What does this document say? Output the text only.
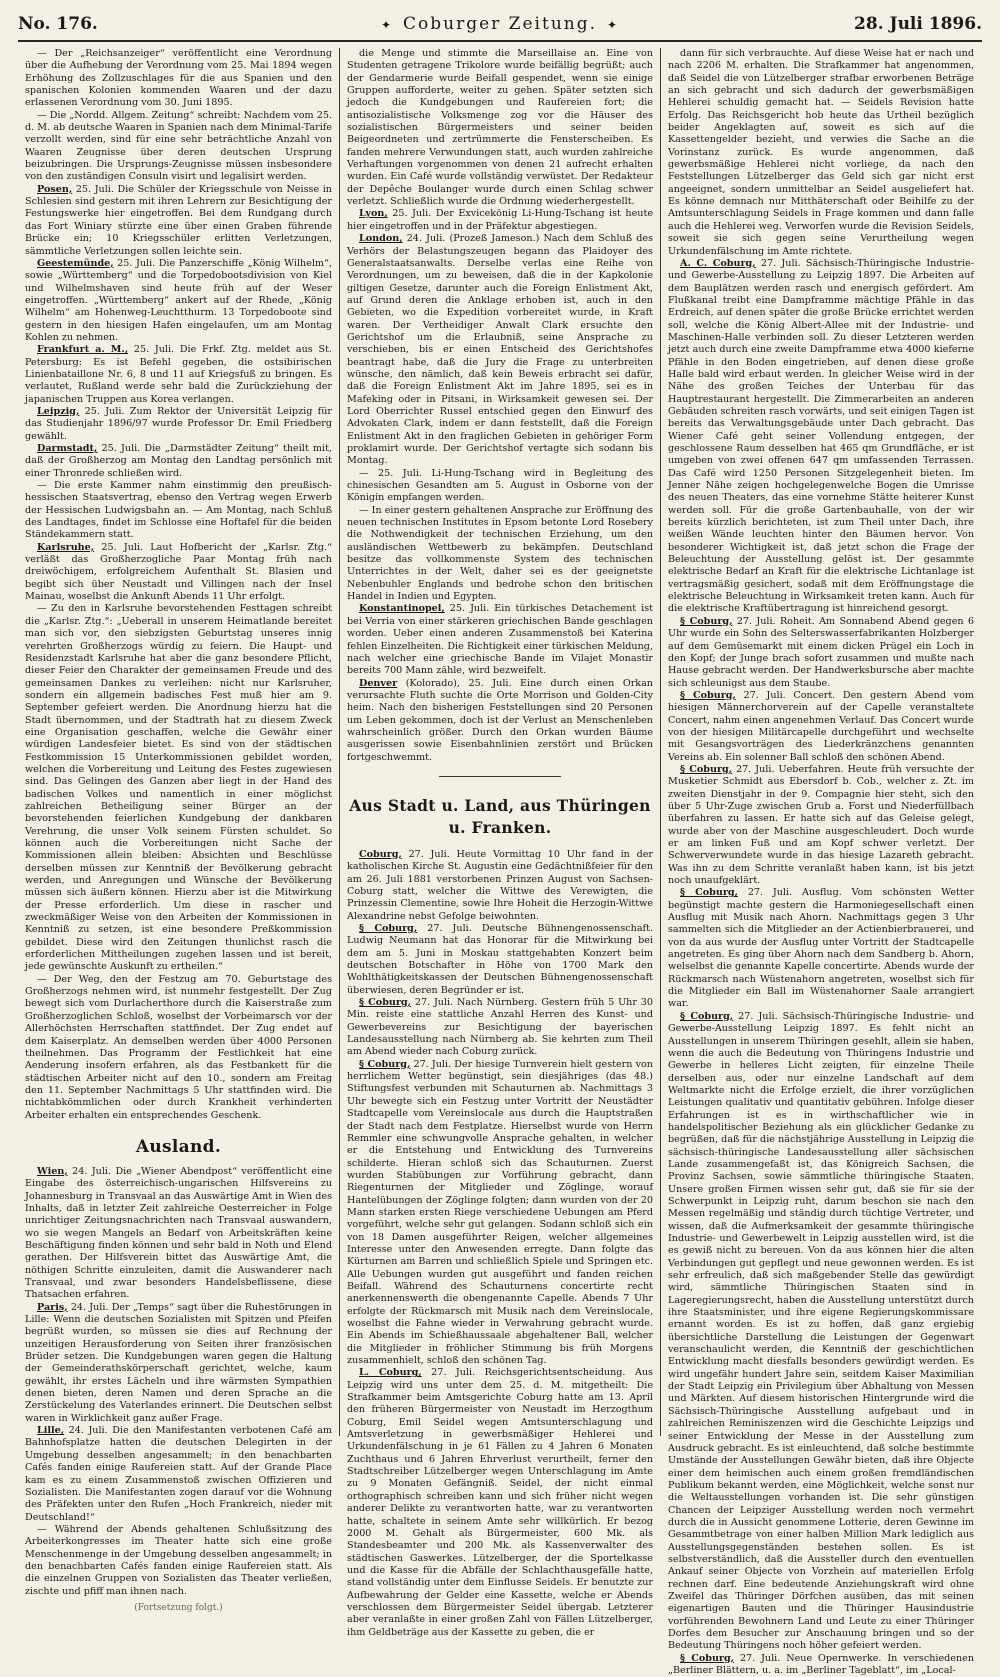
No. 176.	✦ Coburger Zeitung. ✦	28. Juli 1896.

— Der „Reichsanzeiger“ veröffentlicht eine Verordnung über die Aufhebung der Verordnung vom 25. Mai 1894 wegen Erhöhung des Zollzuschlages für die aus Spanien und den spanischen Kolonien kommenden Waaren und der dazu erlassenen Verordnung vom 30. Juni 1895.

— Die „Nordd. Allgem. Zeitung“ schreibt: Nachdem vom 25. d. M. ab deutsche Waaren in Spanien nach dem Minimal-Tarife verzollt werden, sind für eine sehr beträchtliche Anzahl von Waaren Zeugnisse über deren deutschen Ursprung beizubringen. Die Ursprungs-Zeugnisse müssen insbesondere von den zuständigen Consuln visirt und legalisirt werden.

Posen, 25. Juli. Die Schüler der Kriegsschule von Neisse in Schlesien sind gestern mit ihren Lehrern zur Besichtigung der Festungswerke hier eingetroffen. Bei dem Rundgang durch das Fort Winiary stürzte eine über einen Graben führende Brücke ein; 10 Kriegsschüler erlitten Verletzungen, sämmtliche Verletzungen sollen leichte sein.

Geestemünde, 25. Juli. Die Panzerschiffe „König Wilhelm“, sowie „Württemberg“ und die Torpedobootsdivision von Kiel und Wilhelmshaven sind heute früh auf der Weser eingetroffen. „Württemberg“ ankert auf der Rhede, „König Wilhelm“ am Hohenweg-Leuchtthurm. 13 Torpedoboote sind gestern in den hiesigen Hafen eingelaufen, um am Montag Kohlen zu nehmen.

Frankfurt a. M., 25. Juli. Die Frkf. Ztg. meldet aus St. Petersburg: Es ist Befehl gegeben, die ostsibirischen Linienbataillone Nr. 6, 8 und 11 auf Kriegsfuß zu bringen. Es verlautet, Rußland werde sehr bald die Zurückziehung der japanischen Truppen aus Korea verlangen.

Leipzig, 25. Juli. Zum Rektor der Universität Leipzig für das Studienjahr 1896/97 wurde Professor Dr. Emil Friedberg gewählt.

Darmstadt, 25. Juli. Die „Darmstädter Zeitung“ theilt mit, daß der Großherzog am Montag den Landtag persönlich mit einer Thronrede schließen wird.

— Die erste Kammer nahm einstimmig den preußisch-hessischen Staatsvertrag, ebenso den Vertrag wegen Erwerb der Hessischen Ludwigsbahn an. — Am Montag, nach Schluß des Landtages, findet im Schlosse eine Hoftafel für die beiden Ständekammern statt.

Karlsruhe, 25. Juli. Laut Hofbericht der „Karlsr. Ztg.“ verläßt das Großherzogliche Paar Montag früh nach dreiwöchigem, erfolgreichem Aufenthalt St. Blasien und begibt sich über Neustadt und Villingen nach der Insel Mainau, woselbst die Ankunft Abends 11 Uhr erfolgt.

— Zu den in Karlsruhe bevorstehenden Festtagen schreibt die „Karlsr. Ztg.“: „Ueberall in unserem Heimatlande bereitet man sich vor, den siebzigsten Geburtstag unseres innig verehrten Großherzogs würdig zu feiern. Die Haupt- und Residenzstadt Karlsruhe hat aber die ganz besondere Pflicht, dieser Feier den Charakter der gemeinsamen Freude und des gemeinsamen Dankes zu verleihen: nicht nur Karlsruher, sondern ein allgemein badisches Fest muß hier am 9. September gefeiert werden. Die Anordnung hierzu hat die Stadt übernommen, und der Stadtrath hat zu diesem Zweck eine Organisation geschaffen, welche die Gewähr einer würdigen Landesfeier bietet. Es sind von der städtischen Festkommission 15 Unterkommissionen gebildet worden, welchen die Vorbereitung und Leitung des Festes zugewiesen sind. Das Gelingen des Ganzen aber liegt in der Hand des badischen Volkes und namentlich in einer möglichst zahlreichen Betheiligung seiner Bürger an der bevorstehenden feierlichen Kundgebung der dankbaren Verehrung, die unser Volk seinem Fürsten schuldet. So können auch die Vorbereitungen nicht Sache der Kommissionen allein bleiben: Absichten und Beschlüsse derselben müssen zur Kenntniß der Bevölkerung gebracht werden, und Anregungen und Wünsche der Bevölkerung müssen sich äußern können. Hierzu aber ist die Mitwirkung der Presse erforderlich. Um diese in rascher und zweckmäßiger Weise von den Arbeiten der Kommissionen in Kenntniß zu setzen, ist eine besondere Preßkommission gebildet. Diese wird den Zeitungen thunlichst rasch die erforderlichen Mittheilungen zugehen lassen und ist bereit, jede gewünschte Auskunft zu ertheilen.“

— Der Weg, den der Festzug am 70. Geburtstage des Großherzogs nehmen wird, ist nunmehr festgestellt. Der Zug bewegt sich vom Durlacherthore durch die Kaiserstraße zum Großherzoglichen Schloß, woselbst der Vorbeimarsch vor der Allerhöchsten Herrschaften stattfindet. Der Zug endet auf dem Kaiserplatz. An demselben werden über 4000 Personen theilnehmen. Das Programm der Festlichkeit hat eine Aenderung insofern erfahren, als das Festbankett für die städtischen Arbeiter nicht auf den 10., sondern am Freitag den 11. September Nachmittags 5 Uhr stattfinden wird. Die nichtabkömmlichen oder durch Krankheit verhinderten Arbeiter erhalten ein entsprechendes Geschenk.

Ausland.

Wien, 24. Juli. Die „Wiener Abendpost“ veröffentlicht eine Eingabe des österreichisch-ungarischen Hilfsvereins zu Johannesburg in Transvaal an das Auswärtige Amt in Wien des Inhalts, daß in letzter Zeit zahlreiche Oesterreicher in Folge unrichtiger Zeitungsnachrichten nach Transvaal auswandern, wo sie wegen Mangels an Bedarf von Arbeitskräften keine Beschäftigung finden können und sehr bald in Noth und Elend gerathen. Der Hilfsverein bittet das Auswärtige Amt, die nöthigen Schritte einzuleiten, damit die Auswanderer nach Transvaal, und zwar besonders Handelsbeflissene, diese Thatsachen erfahren.

Paris, 24. Juli. Der „Temps“ sagt über die Ruhestörungen in Lille: Wenn die deutschen Sozialisten mit Spitzen und Pfeifen begrüßt wurden, so müssen sie dies auf Rechnung der unzeitigen Herausforderung von Seiten ihrer französischen Brüder setzen. Die Kundgebungen waren gegen die Haltung der Gemeinderathskörperschaft gerichtet, welche, kaum gewählt, ihr erstes Lächeln und ihre wärmsten Sympathien denen bieten, deren Namen und deren Sprache an die Zerstückelung des Vaterlandes erinnert. Die Deutschen selbst waren in Wirklichkeit ganz außer Frage.

Lille, 24. Juli. Die den Manifestanten verbotenen Café am Bahnhofsplatze hatten die deutschen Delegirten in der Umgebung desselben angesammelt; in den benachbarten Cafés fanden einige Raufereien statt. Auf der Grande Place kam es zu einem Zusammenstoß zwischen Offizieren und Sozialisten. Die Manifestanten zogen darauf vor die Wohnung des Präfekten unter den Rufen „Hoch Frankreich, nieder mit Deutschland!“

— Während der Abends gehaltenen Schlußsitzung des Arbeiterkongresses im Theater hatte sich eine große Menschenmenge in der Umgebung desselben angesammelt; in den benachbarten Cafés fanden einige Raufereien statt. Als die einzelnen Gruppen von Sozialisten das Theater verließen, zischte und pfiff man ihnen nach.

(Fortsetzung folgt.)

die Menge und stimmte die Marseillaise an. Eine von Studenten getragene Trikolore wurde beifällig begrüßt; auch der Gendarmerie wurde Beifall gespendet, wenn sie einige Gruppen aufforderte, weiter zu gehen. Später setzten sich jedoch die Kundgebungen und Raufereien fort; die antisozialistische Volksmenge zog vor die Häuser des sozialistischen Bürgermeisters und seiner beiden Beigeordneten und zertrümmerte die Fensterscheiben. Es fanden mehrere Verwundungen statt, auch wurden zahlreiche Verhaftungen vorgenommen von denen 21 aufrecht erhalten wurden. Ein Café wurde vollständig verwüstet. Der Redakteur der Depêche Boulanger wurde durch einen Schlag schwer verletzt. Schließlich wurde die Ordnung wiederhergestellt.

Lyon, 25. Juli. Der Exvicekönig Li-Hung-Tschang ist heute hier eingetroffen und in der Präfektur abgestiegen.

London, 24. Juli. (Prozeß Jameson.) Nach dem Schluß des Verhörs der Belastungszeugen begann das Plaidoyer des Generalstaatsanwalts. Derselbe verlas eine Reihe von Verordnungen, um zu beweisen, daß die in der Kapkolonie giltigen Gesetze, darunter auch die Foreign Enlistment Akt, auf Grund deren die Anklage erhoben ist, auch in den Gebieten, wo die Expedition vorbereitet wurde, in Kraft waren. Der Vertheidiger Anwalt Clark ersuchte den Gerichtshof um die Erlaubniß, seine Ansprache zu verschieben, bis er einen Entscheid des Gerichtshofes beantragt habe, daß die Jury die Frage zu unterbreiten wünsche, den nämlich, daß kein Beweis erbracht sei dafür, daß die Foreign Enlistment Akt im Jahre 1895, sei es in Mafeking oder in Pitsani, in Wirksamkeit gewesen sei. Der Lord Oberrichter Russel entschied gegen den Einwurf des Advokaten Clark, indem er dann feststellt, daß die Foreign Enlistment Akt in den fraglichen Gebieten in gehöriger Form proklamirt wurde. Der Gerichtshof vertagte sich sodann bis Montag.

— 25. Juli. Li-Hung-Tschang wird in Begleitung des chinesischen Gesandten am 5. August in Osborne von der Königin empfangen werden.

— In einer gestern gehaltenen Ansprache zur Eröffnung des neuen technischen Institutes in Epsom betonte Lord Rosebery die Nothwendigkeit der technischen Erziehung, um den ausländischen Wettbewerb zu bekämpfen. Deutschland besitze das vollkommenste System des technischen Unterrichtes in der Welt, daher sei es der geeignetste Nebenbuhler Englands und bedrohe schon den britischen Handel in Indien und Egypten.

Konstantinopel, 25. Juli. Ein türkisches Detachement ist bei Verria von einer stärkeren griechischen Bande geschlagen worden. Ueber einen anderen Zusammenstoß bei Katerina fehlen Einzelheiten. Die Richtigkeit einer türkischen Meldung, nach welcher eine griechische Bande im Vilajet Monastir bereits 700 Mann zähle, wird bezweifelt.

Denver (Kolorado), 25. Juli. Eine durch einen Orkan verursachte Fluth suchte die Orte Morrison und Golden-City heim. Nach den bisherigen Feststellungen sind 20 Personen um Leben gekommen, doch ist der Verlust an Menschenleben wahrscheinlich größer. Durch den Orkan wurden Bäume ausgerissen sowie Eisenbahnlinien zerstört und Brücken fortgeschwemmt.

Aus Stadt u. Land, aus Thüringen u. Franken.

Coburg, 27. Juli. Heute Vormittag 10 Uhr fand in der katholischen Kirche St. Augustin eine Gedächtnißfeier für den am 26. Juli 1881 verstorbenen Prinzen August von Sachsen-Coburg statt, welcher die Wittwe des Verewigten, die Prinzessin Clementine, sowie Ihre Hoheit die Herzogin-Wittwe Alexandrine nebst Gefolge beiwohnten.

§ Coburg, 27. Juli. Deutsche Bühnengenossenschaft. Ludwig Neumann hat das Honorar für die Mitwirkung bei dem am 5. Juni in Moskau stattgehabten Konzert beim deutschen Botschafter in Höhe von 1700 Mark den Wohlthätigkeitskassen der Deutschen Bühnengenossenschaft überwiesen, deren Begründer er ist.

§ Coburg, 27. Juli. Nach Nürnberg. Gestern früh 5 Uhr 30 Min. reiste eine stattliche Anzahl Herren des Kunst- und Gewerbevereins zur Besichtigung der bayerischen Landesausstellung nach Nürnberg ab. Sie kehrten zum Theil am Abend wieder nach Coburg zurück.

§ Coburg, 27. Juli. Der hiesige Turnverein hielt gestern von herrlichem Wetter begünstigt, sein diesjähriges (das 48.) Stiftungsfest verbunden mit Schauturnen ab. Nachmittags 3 Uhr bewegte sich ein Festzug unter Vortritt der Neustädter Stadtcapelle vom Vereinslocale aus durch die Hauptstraßen der Stadt nach dem Festplatze. Hierselbst wurde von Herrn Remmler eine schwungvolle Ansprache gehalten, in welcher er die Entstehung und Entwicklung des Turnvereins schilderte. Hieran schloß sich das Schauturnen. Zuerst wurden Stabübungen zur Vorführung gebracht, dann Riegenturnen der Mitglieder und Zöglinge, worauf Hantelübungen der Zöglinge folgten; dann wurden von der 20 Mann starken ersten Riege verschiedene Uebungen am Pferd vorgeführt, welche sehr gut gelangen. Sodann schloß sich ein von 18 Damen ausgeführter Reigen, welcher allgemeines Interesse unter den Anwesenden erregte. Dann folgte das Kürturnen am Barren und schließlich Spiele und Springen etc. Alle Uebungen wurden gut ausgeführt und fanden reichen Beifall. Während des Schauturnens concertirte recht anerkennenswerth die obengenannte Capelle. Abends 7 Uhr erfolgte der Rückmarsch mit Musik nach dem Vereinslocale, woselbst die Fahne wieder in Verwahrung gebracht wurde. Ein Abends im Schießhaussaale abgehaltener Ball, welcher die Mitglieder in fröhlicher Stimmung bis früh Morgens zusammenhielt, schloß den schönen Tag.

L. Coburg, 27. Juli. Reichsgerichtsentscheidung. Aus Leipzig wird uns unter dem 25. d. M. mitgetheilt: Die Strafkammer beim Amtsgerichte Coburg hatte am 13. April den früheren Bürgermeister von Neustadt im Herzogthum Coburg, Emil Seidel wegen Amtsunterschlagung und Amtsverletzung in gewerbsmäßiger Hehlerei und Urkundenfälschung in je 61 Fällen zu 4 Jahren 6 Monaten Zuchthaus und 6 Jahren Ehrverlust verurtheilt, ferner den Stadtschreiber Lützelberger wegen Unterschlagung im Amte zu 9 Monaten Gefängniß. Seidel, der nicht einmal orthographisch schreiben kann und sich früher nicht wegen anderer Delikte zu verantworten hatte, war zu verantworten hatte, schaltete in seinem Amte sehr willkürlich. Er bezog 2000 M. Gehalt als Bürgermeister, 600 Mk. als Standesbeamter und 200 Mk. als Kassenverwalter des städtischen Gaswerkes. Lützelberger, der die Sportelkasse und die Kasse für die Abfälle der Schlachthausgefälle hatte, stand vollständig unter dem Einflusse Seidels. Er benutzte zur Aufbewahrung der Gelder eine Kassette, welche er Abends verschlossen dem Bürgermeister Seidel übergab. Letzterer aber veranlaßte in einer großen Zahl von Fällen Lützelberger, ihm Geldbeträge aus der Kassette zu geben, die er

dann für sich verbrauchte. Auf diese Weise hat er nach und nach 2206 M. erhalten. Die Strafkammer hat angenommen, daß Seidel die von Lützelberger strafbar erworbenen Beträge an sich gebracht und sich dadurch der gewerbsmäßigen Hehlerei schuldig gemacht hat. — Seidels Revision hatte Erfolg. Das Reichsgericht hob heute das Urtheil bezüglich beider Angeklagten auf, soweit es sich auf die Kassettengelder bezieht, und verwies die Sache an die Vorinstanz zurück. Es wurde angenommen, daß gewerbsmäßige Hehlerei nicht vorliege, da nach den Feststellungen Lützelberger das Geld sich gar nicht erst angeeignet, sondern unmittelbar an Seidel ausgeliefert hat. Es könne demnach nur Mitthäterschaft oder Beihilfe zu der Amtsunterschlagung Seidels in Frage kommen und dann falle auch die Hehlerei weg. Verworfen wurde die Revision Seidels, soweit sie sich gegen seine Verurtheilung wegen Urkundenfälschung im Amte richtete.

A. C. Coburg, 27. Juli. Sächsisch-Thüringische Industrie- und Gewerbe-Ausstellung zu Leipzig 1897. Die Arbeiten auf dem Bauplätzen werden rasch und energisch gefördert. Am Flußkanal treibt eine Dampframme mächtige Pfähle in das Erdreich, auf denen später die große Brücke errichtet werden soll, welche die König Albert-Allee mit der Industrie- und Maschinen-Halle verbinden soll. Zu dieser Letzteren werden jetzt auch durch eine zweite Dampframme etwa 4000 kieferne Pfähle in den Boden eingetrieben, auf denen diese große Halle bald wird erbaut werden. In gleicher Weise wird in der Nähe des großen Teiches der Unterbau für das Hauptrestaurant hergestellt. Die Zimmerarbeiten an anderen Gebäuden schreiten rasch vorwärts, und seit einigen Tagen ist bereits das Verwaltungsgebäude unter Dach gebracht. Das Wiener Café geht seiner Vollendung entgegen, der geschlossene Raum desselben hat 465 qm Grundfläche, er ist umgeben von zwei offenen 647 qm umfassenden Terrassen. Das Café wird 1250 Personen Sitzgelegenheit bieten. Im Jenner Nähe zeigen hochgelegenwelche Bogen die Umrisse des neuen Theaters, das eine vornehme Stätte heiterer Kunst werden soll. Für die große Gartenbauhalle, von der wir bereits kürzlich berichteten, ist zum Theil unter Dach, ihre weißen Wände leuchten hinter den Bäumen hervor. Von besonderer Wichtigkeit ist, daß jetzt schon die Frage der Beleuchtung der Ausstellung gelöst ist. Der gesammte elektrische Bedarf an Kraft für die elektrische Lichtanlage ist vertragsmäßig gesichert, sodaß mit dem Eröffnungstage die elektrische Beleuchtung in Wirksamkeit treten kann. Auch für die elektrische Kraftübertragung ist hinreichend gesorgt.

§ Coburg, 27. Juli. Roheit. Am Sonnabend Abend gegen 6 Uhr wurde ein Sohn des Selterswasserfabrikanten Holzberger auf dem Gemüsemarkt mit einem dicken Prügel ein Loch in den Kopf; der Junge brach sofort zusammen und mußte nach Hause gebracht werden. Der Handwerksbursche aber machte sich schleunigst aus dem Staube.

§ Coburg, 27. Juli. Concert. Den gestern Abend vom hiesigen Männerchorverein auf der Capelle veranstaltete Concert, nahm einen angenehmen Verlauf. Das Concert wurde von der hiesigen Militärcapelle durchgeführt und wechselte mit Gesangsvorträgen des Liederkränzchens genannten Vereins ab. Ein solenner Ball schloß den schönen Abend.

§ Coburg, 27. Juli. Ueberfahren. Heute früh versuchte der Musketier Schmidt aus Ebersdorf b. Cob., welcher z. Zt. im zweiten Dienstjahr in der 9. Compagnie hier steht, sich den über 5 Uhr-Zuge zwischen Grub a. Forst und Niederfüllbach überfahren zu lassen. Er hatte sich auf das Geleise gelegt, wurde aber von der Maschine ausgeschleudert. Doch wurde er am linken Fuß und am Kopf schwer verletzt. Der Schwerverwundete wurde in das hiesige Lazareth gebracht. Was ihn zu dem Schritte veranlaßt haben kann, ist bis jetzt noch unaufgeklärt.

§ Coburg, 27. Juli. Ausflug. Vom schönsten Wetter begünstigt machte gestern die Harmoniegesellschaft einen Ausflug mit Musik nach Ahorn. Nachmittags gegen 3 Uhr sammelten sich die Mitglieder an der Actienbierbrauerei, und von da aus wurde der Ausflug unter Vortritt der Stadtcapelle angetreten. Es ging über Ahorn nach dem Sandberg b. Ahorn, welselbst die genannte Kapelle concertirte. Abends wurde der Rückmarsch nach Wüstenahorn angetreten, woselbst sich für die Mitglieder ein Ball im Wüstenahorner Saale arrangiert war.

§ Coburg, 27. Juli. Sächsisch-Thüringische Industrie- und Gewerbe-Ausstellung Leipzig 1897. Es fehlt nicht an Ausstellungen in unserem Thüringen gesehlt, allein sie haben, wenn die auch die Bedeutung von Thüringens Industrie und Gewerbe in helleres Licht zeigten, für einzelne Theile derselben aus, oder nur einzelne Landschaft auf dem Weltmarkte nicht die Erfolge erzielt, die ihrer vorzüglichen Leistungen qualitativ und quantitativ gebühren. Infolge dieser Erfahrungen ist es in wirthschaftlicher wie in handelspolitischer Beziehung als ein glücklicher Gedanke zu begrüßen, daß für die nächstjährige Ausstellung in Leipzig die sächsisch-thüringische Landesausstellung aller sächsischen Lande zusammengefaßt ist, das Königreich Sachsen, die Provinz Sachsen, sowie sämmtliche thüringische Staaten. Unsere großen Firmen wissen sehr gut, daß sie für sie der Schwerpunkt in Leipzig ruht, darum beschon sie nach den Messen regelmäßig und ständig durch tüchtige Vertreter, und wissen, daß die Aufmerksamkeit der gesammte thüringische Industrie- und Gewerbewelt in Leipzig ausstellen wird, ist die es gewiß nicht zu bereuen. Von da aus können hier die alten Verbindungen gut gepflegt und neue gewonnen werden. Es ist sehr erfreulich, daß sich maßgebender Stelle das gewürdigt wird, sämmtliche Thüringischen Staaten sind in Lageregierungsrecht, haben die Ausstellung unterstützt durch ihre Staatsminister, und ihre eigene Regierungskommissare ernannt worden. Es ist zu hoffen, daß ganz ergiebig übersichtliche Darstellung die Leistungen der Gegenwart veranschaulicht werden, die Kenntniß der geschichtlichen Entwicklung macht diesfalls besonders gewürdigt werden. Es wird ungefähr hundert Jahre sein, seitdem Kaiser Maximilian der Stadt Leipzig ein Privilegium über Abhaltung von Messen und Märkten. Auf diesem historischen Hintergrunde wird die Sächsisch-Thüringische Ausstellung aufgebaut und in zahlreichen Reminiszenzen wird die Geschichte Leipzigs und seiner Entwicklung der Messe in der Ausstellung zum Ausdruck gebracht. Es ist einleuchtend, daß solche bestimmte Umstände der Ausstellungen Gewähr bieten, daß ihre Objecte einer dem heimischen auch einem großen fremdländischen Publikum bekannt werden, eine Möglichkeit, welche sonst nur die Weltausstellungen vorhanden ist. Die sehr günstigen Chancen der Leipziger Ausstellung werden noch vermehrt durch die in Aussicht genommene Lotterie, deren Gewinne im Gesammtbetrage von einer halben Million Mark lediglich aus Ausstellungsgegenständen bestehen sollen. Es ist selbstverständlich, daß die Aussteller durch den eventuellen Ankauf seiner Objecte von Vorzhein auf materiellen Erfolg rechnen darf. Eine bedeutende Anziehungskraft wird ohne Zweifel das Thüringer Dörfchen ausüben, das mit seinen eigenartigen Bauten und die Thüringer Hausindustrie vorführenden Bewohnern Land und Leute zu einer Thüringer Dorfes dem Besucher zur Anschauung bringen und so der Bedeutung Thüringens noch höher gefeiert werden.

§ Coburg, 27. Juli. Neue Opernwerke. In verschiedenen „Berliner Blättern, u. a. im „Berliner Tageblatt“, im „Local-
